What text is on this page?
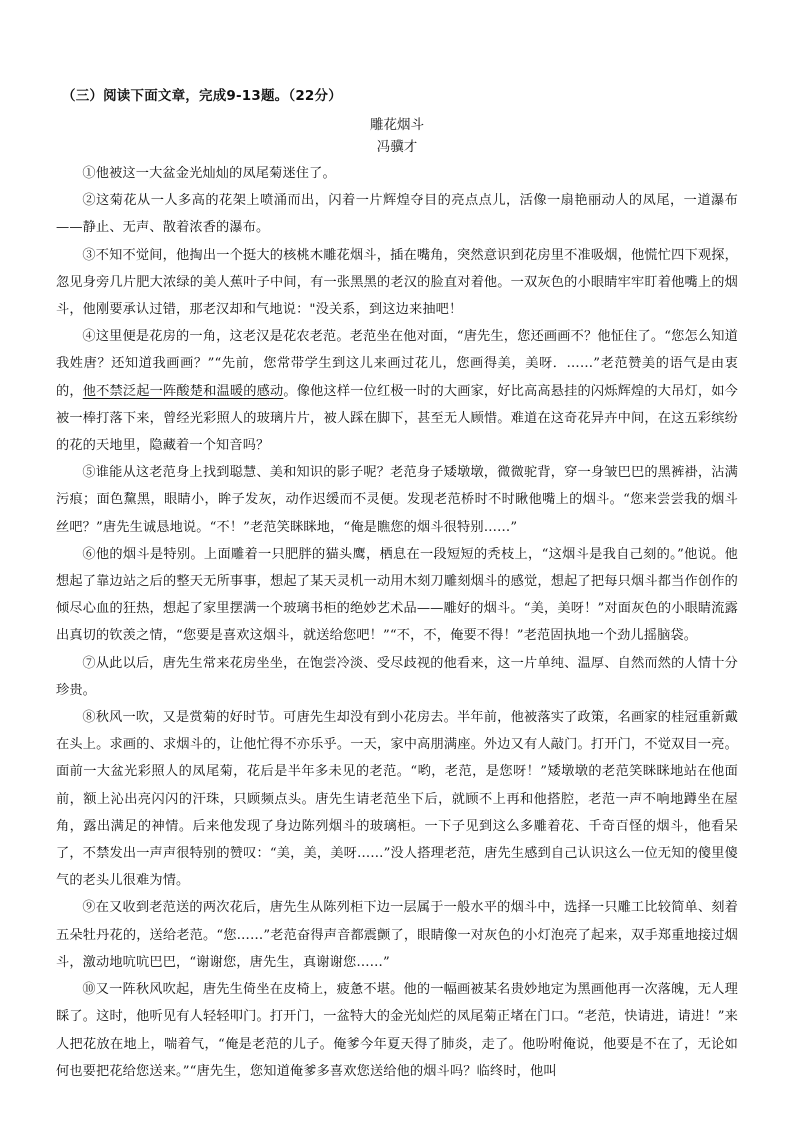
（三）阅读下面文章，完成9-13题。（22分）
雕花烟斗
冯骥才

①他被这一大盆金光灿灿的凤尾菊迷住了。

②这菊花从一人多高的花架上喷涌而出，闪着一片辉煌夺目的亮点点儿，活像一扇艳丽动人的凤尾，一道瀑布——静止、无声、散着浓香的瀑布。

③不知不觉间，他掏出一个挺大的核桃木雕花烟斗，插在嘴角，突然意识到花房里不准吸烟，他慌忙四下观探，忽见身旁几片肥大浓绿的美人蕉叶子中间，有一张黑黑的老汉的脸直对着他。一双灰色的小眼睛牢牢盯着他嘴上的烟斗，他刚要承认过错，那老汉却和气地说："没关系，到这边来抽吧！

④这里便是花房的一角，这老汉是花农老范。老范坐在他对面，“唐先生，您还画画不？他怔住了。“您怎么知道我姓唐？还知道我画画？”“先前，您常带学生到这儿来画过花儿，您画得美，美呀．……”老范赞美的语气是由衷的，他不禁泛起一阵酸楚和温暖的感动。像他这样一位红极一时的大画家，好比高高悬挂的闪烁辉煌的大吊灯，如今被一棒打落下来，曾经光彩照人的玻璃片片，被人踩在脚下，甚至无人顾惜。难道在这奇花异卉中间，在这五彩缤纷的花的天地里，隐藏着一个知音吗？

⑤谁能从这老范身上找到聪慧、美和知识的影子呢？老范身子矮墩墩，微微驼背，穿一身皱巴巴的黑裤褂，沾满污痕；面色黧黑，眼睛小，眸子发灰，动作迟缓而不灵便。发现老范桥时不时瞅他嘴上的烟斗。“您来尝尝我的烟斗丝吧？”唐先生诚恳地说。“不！”老范笑眯眯地，“俺是瞧您的烟斗很特别……”

⑥他的烟斗是特别。上面雕着一只肥胖的猫头鹰，栖息在一段短短的秃枝上，“这烟斗是我自己刻的。”他说。他想起了靠边站之后的整天无所事事，想起了某天灵机一动用木刻刀雕刻烟斗的感觉，想起了把每只烟斗都当作创作的倾尽心血的狂热，想起了家里摆满一个玻璃书柜的绝妙艺术品——雕好的烟斗。“美，美呀！”对面灰色的小眼睛流露出真切的钦羡之情，“您要是喜欢这烟斗，就送给您吧！”“不，不，俺要不得！”老范固执地一个劲儿摇脑袋。

⑦从此以后，唐先生常来花房坐坐，在饱尝冷淡、受尽歧视的他看来，这一片单纯、温厚、自然而然的人情十分珍贵。

⑧秋风一吹，又是赏菊的好时节。可唐先生却没有到小花房去。半年前，他被落实了政策，名画家的桂冠重新戴在头上。求画的、求烟斗的，让他忙得不亦乐乎。一天，家中高朋满座。外边又有人敲门。打开门，不觉双目一亮。面前一大盆光彩照人的凤尾菊，花后是半年多未见的老范。“哟，老范，是您呀！”矮墩墩的老范笑眯眯地站在他面前，额上沁出亮闪闪的汗珠，只顾频点头。唐先生请老范坐下后，就顾不上再和他搭腔，老范一声不响地蹲坐在屋角，露出满足的神情。后来他发现了身边陈列烟斗的玻璃柜。一下子见到这么多雕着花、千奇百怪的烟斗，他看呆了，不禁发出一声声很特别的赞叹：“美，美，美呀……”没人搭理老范，唐先生感到自己认识这么一位无知的傻里傻气的老头儿很难为情。

⑨在又收到老范送的两次花后，唐先生从陈列柜下边一层属于一般水平的烟斗中，选择一只雕工比较简单、刻着五朵牡丹花的，送给老范。“您……”老范奋得声音都震颤了，眼睛像一对灰色的小灯泡亮了起来，双手郑重地接过烟斗，激动地吭吭巴巴，“谢谢您，唐先生，真谢谢您……”

⑩又一阵秋风吹起，唐先生倚坐在皮椅上，疲惫不堪。他的一幅画被某名贵妙地定为黑画他再一次落魄，无人理睬了。这时，他听见有人轻轻叩门。打开门，一盆特大的金光灿烂的凤尾菊正堵在门口。“老范，快请进，请进！”来人把花放在地上，喘着气，“俺是老范的儿子。俺爹今年夏天得了肺炎，走了。他吩咐俺说，他要是不在了，无论如何也要把花给您送来。”“唐先生，您知道俺爹多喜欢您送给他的烟斗吗？临终时，他叫
